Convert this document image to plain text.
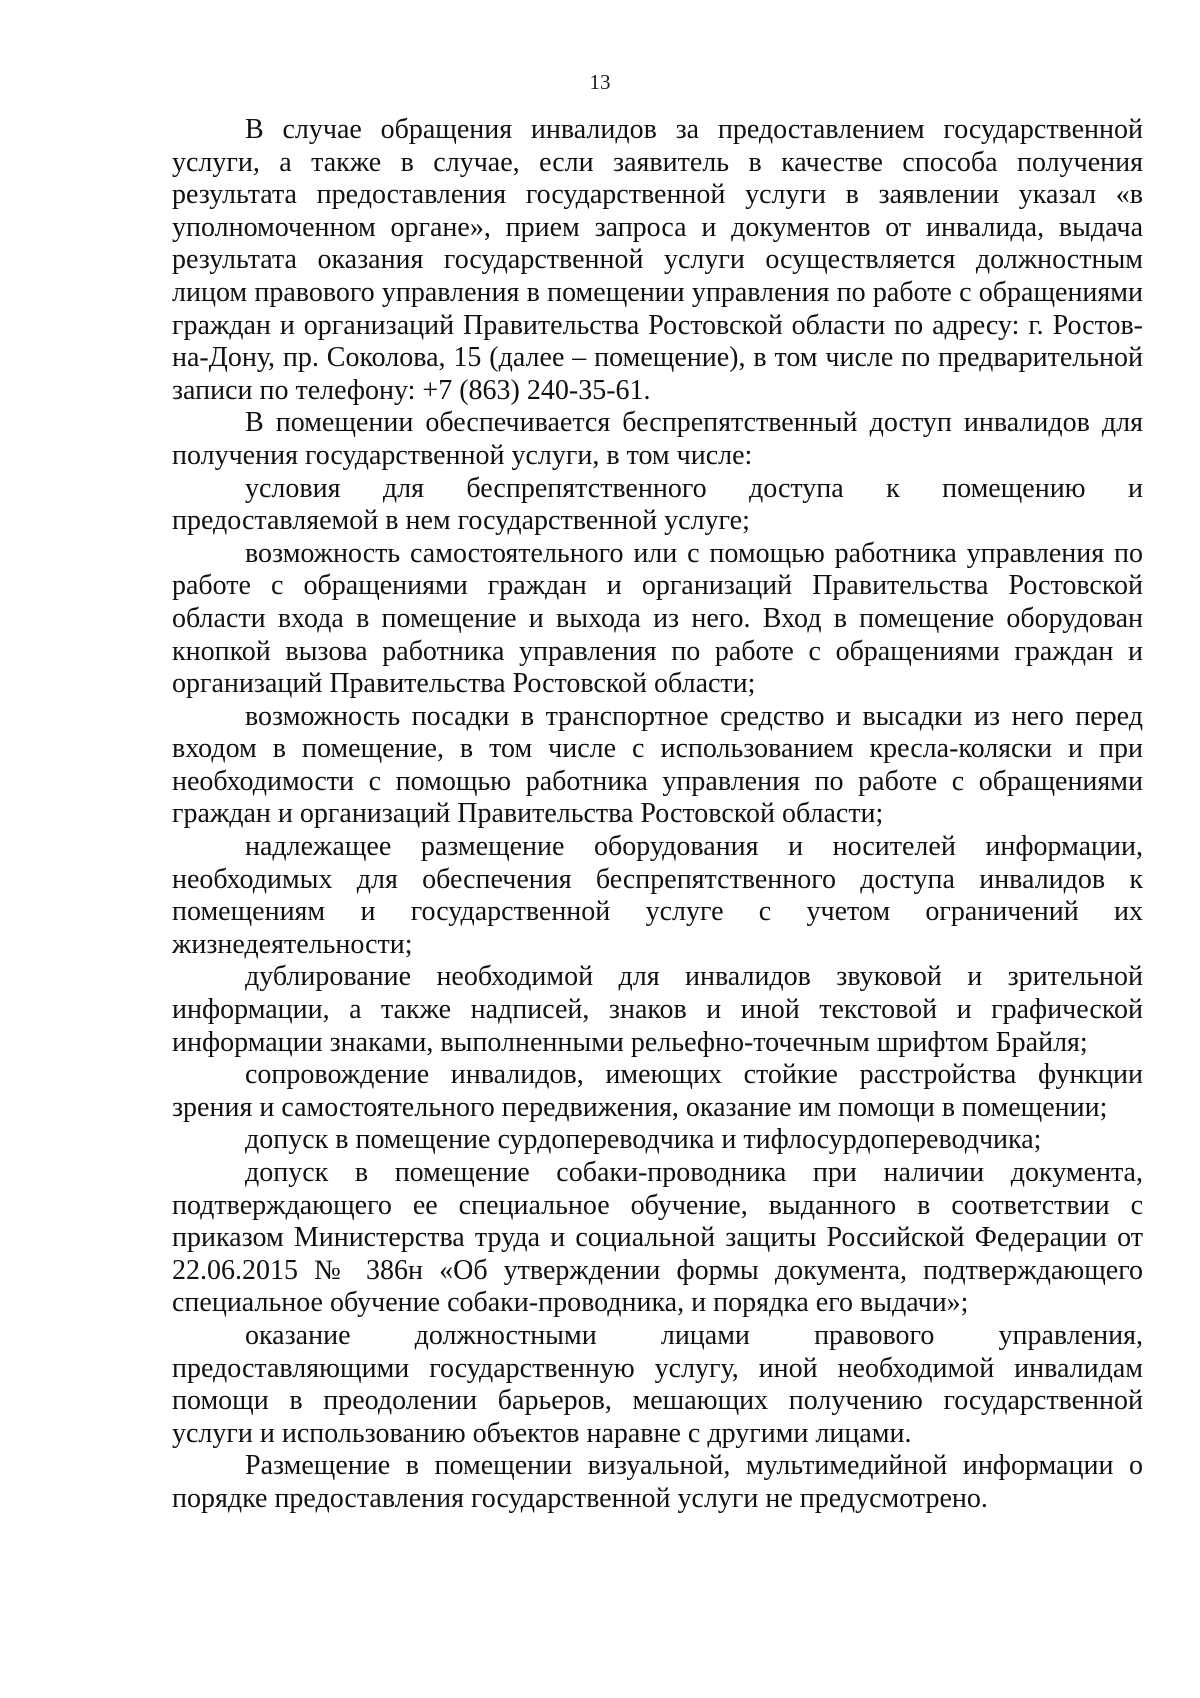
13

В случае обращения инвалидов за предоставлением государственной услуги, а также в случае, если заявитель в качестве способа получения результата предоставления государственной услуги в заявлении указал «в уполномоченном органе», прием запроса и документов от инвалида, выдача результата оказания государственной услуги осуществляется должностным лицом правового управления в помещении управления по работе с обращениями граждан и организаций Правительства Ростовской области по адресу: г. Ростов-на-Дону, пр. Соколова, 15 (далее – помещение), в том числе по предварительной записи по телефону: +7 (863) 240-35-61.

В помещении обеспечивается беспрепятственный доступ инвалидов для получения государственной услуги, в том числе:

условия для беспрепятственного доступа к помещению и предоставляемой в нем государственной услуге;

возможность самостоятельного или с помощью работника управления по работе с обращениями граждан и организаций Правительства Ростовской области входа в помещение и выхода из него. Вход в помещение оборудован кнопкой вызова работника управления по работе с обращениями граждан и организаций Правительства Ростовской области;

возможность посадки в транспортное средство и высадки из него перед входом в помещение, в том числе с использованием кресла-коляски и при необходимости с помощью работника управления по работе с обращениями граждан и организаций Правительства Ростовской области;

надлежащее размещение оборудования и носителей информации, необходимых для обеспечения беспрепятственного доступа инвалидов к помещениям и государственной услуге с учетом ограничений их жизнедеятельности;

дублирование необходимой для инвалидов звуковой и зрительной информации, а также надписей, знаков и иной текстовой и графической информации знаками, выполненными рельефно-точечным шрифтом Брайля;

сопровождение инвалидов, имеющих стойкие расстройства функции зрения и самостоятельного передвижения, оказание им помощи в помещении;

допуск в помещение сурдопереводчика и тифлосурдопереводчика;

допуск в помещение собаки-проводника при наличии документа, подтверждающего ее специальное обучение, выданного в соответствии с приказом Министерства труда и социальной защиты Российской Федерации от 22.06.2015 № 386н «Об утверждении формы документа, подтверждающего специальное обучение собаки-проводника, и порядка его выдачи»;

оказание должностными лицами правового управления, предоставляющими государственную услугу, иной необходимой инвалидам помощи в преодолении барьеров, мешающих получению государственной услуги и использованию объектов наравне с другими лицами.

Размещение в помещении визуальной, мультимедийной информации о порядке предоставления государственной услуги не предусмотрено.
